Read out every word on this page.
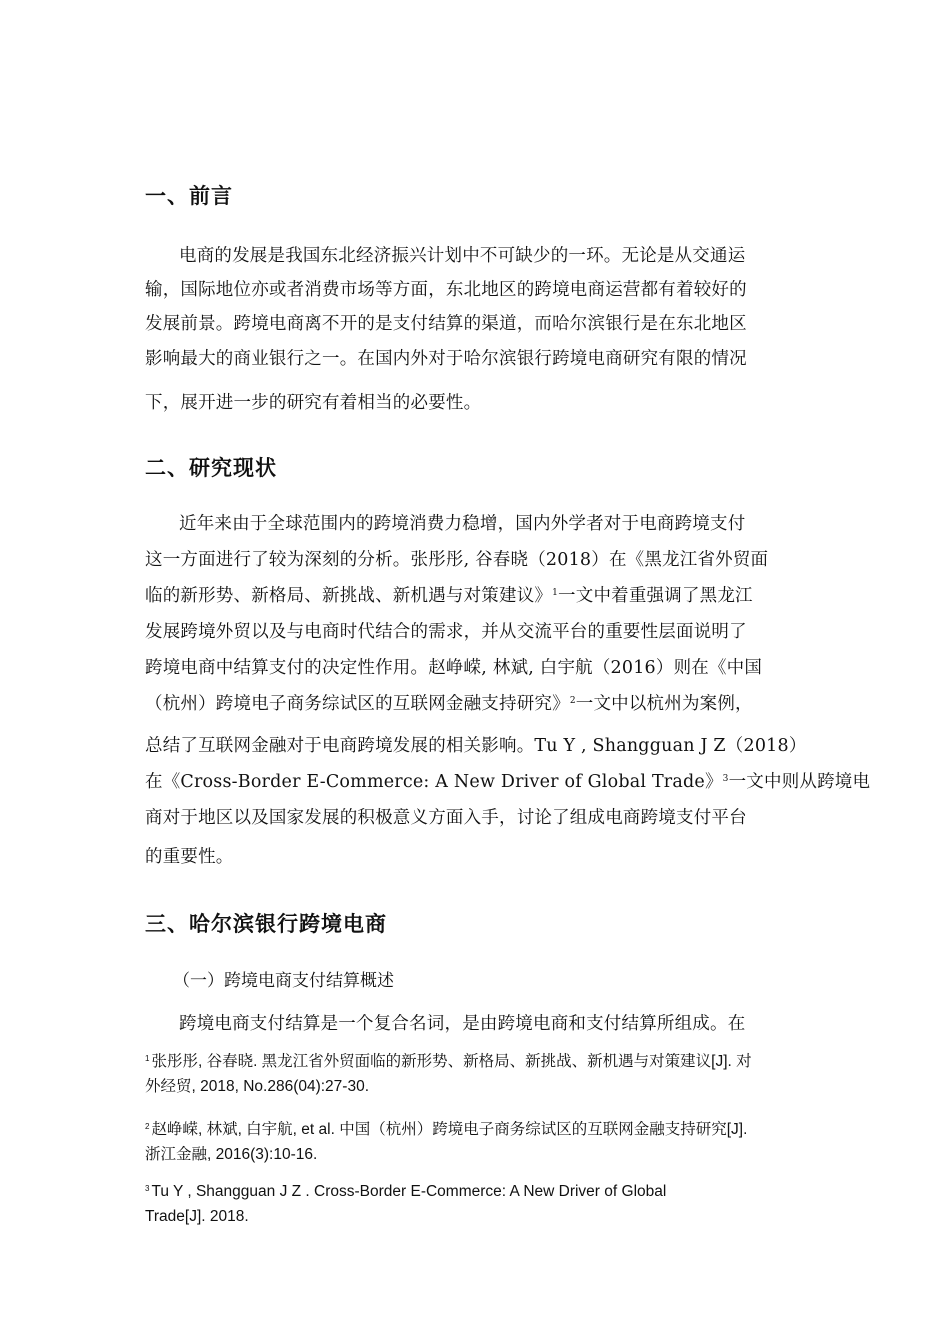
一、前言
电商的发展是我国东北经济振兴计划中不可缺少的一环。无论是从交通运
输，国际地位亦或者消费市场等方面，东北地区的跨境电商运营都有着较好的
发展前景。跨境电商离不开的是支付结算的渠道，而哈尔滨银行是在东北地区
影响最大的商业银行之一。在国内外对于哈尔滨银行跨境电商研究有限的情况
下，展开进一步的研究有着相当的必要性。
二、研究现状
近年来由于全球范围内的跨境消费力稳增，国内外学者对于电商跨境支付
这一方面进行了较为深刻的分析。张彤彤, 谷春晓（2018）在《黑龙江省外贸面
临的新形势、新格局、新挑战、新机遇与对策建议》$^1$一文中着重强调了黑龙江
发展跨境外贸以及与电商时代结合的需求，并从交流平台的重要性层面说明了
跨境电商中结算支付的决定性作用。赵峥嵘, 林斌, 白宇航（2016）则在《中国
（杭州）跨境电子商务综试区的互联网金融支持研究》$^2$一文中以杭州为案例，
总结了互联网金融对于电商跨境发展的相关影响。Tu Y , Shangguan J Z（2018）
在《Cross-Border E-Commerce: A New Driver of Global Trade》$^3$一文中则从跨境电
商对于地区以及国家发展的积极意义方面入手，讨论了组成电商跨境支付平台
的重要性。
三、哈尔滨银行跨境电商
（一）跨境电商支付结算概述
跨境电商支付结算是一个复合名词，是由跨境电商和支付结算所组成。在
$^1$ 张彤彤, 谷春晓. 黑龙江省外贸面临的新形势、新格局、新挑战、新机遇与对策建议[J]. 对
外经贸, 2018, No.286(04):27-30.
$^2$ 赵峥嵘, 林斌, 白宇航, et al. 中国（杭州）跨境电子商务综试区的互联网金融支持研究[J].
浙江金融, 2016(3):10-16.
$^3$ Tu Y , Shangguan J Z . Cross-Border E-Commerce: A New Driver of Global
Trade[J]. 2018.
